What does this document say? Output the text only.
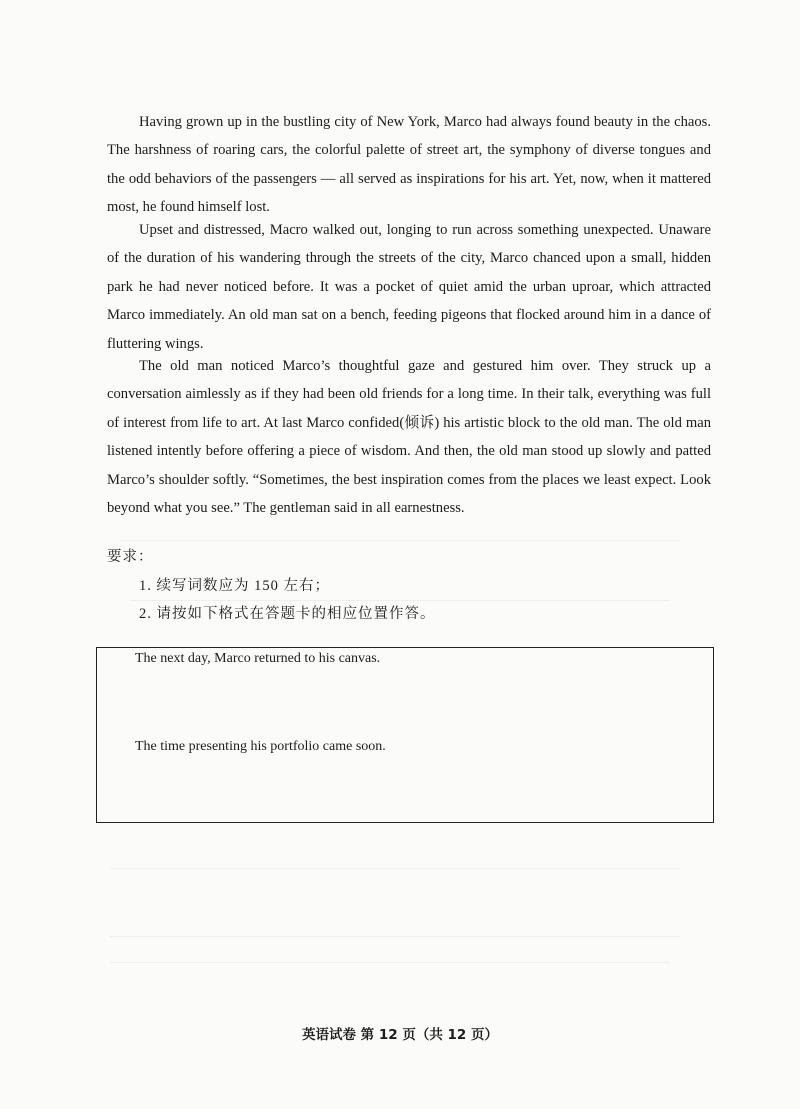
Having grown up in the bustling city of New York, Marco had always found beauty in the chaos. The harshness of roaring cars, the colorful palette of street art, the symphony of diverse tongues and the odd behaviors of the passengers — all served as inspirations for his art. Yet, now, when it mattered most, he found himself lost.

Upset and distressed, Macro walked out, longing to run across something unexpected. Unaware of the duration of his wandering through the streets of the city, Marco chanced upon a small, hidden park he had never noticed before. It was a pocket of quiet amid the urban uproar, which attracted Marco immediately. An old man sat on a bench, feeding pigeons that flocked around him in a dance of fluttering wings.

The old man noticed Marco’s thoughtful gaze and gestured him over. They struck up a conversation aimlessly as if they had been old friends for a long time. In their talk, everything was full of interest from life to art. At last Marco confided(倾诉) his artistic block to the old man. The old man listened intently before offering a piece of wisdom. And then, the old man stood up slowly and patted Marco’s shoulder softly. “Sometimes, the best inspiration comes from the places we least expect. Look beyond what you see.” The gentleman said in all earnestness.

要求：

1. 续写词数应为 150 左右；
2. 请按如下格式在答题卡的相应位置作答。

The next day, Marco returned to his canvas.

The time presenting his portfolio came soon.

英语试卷 第 12 页（共 12 页）
